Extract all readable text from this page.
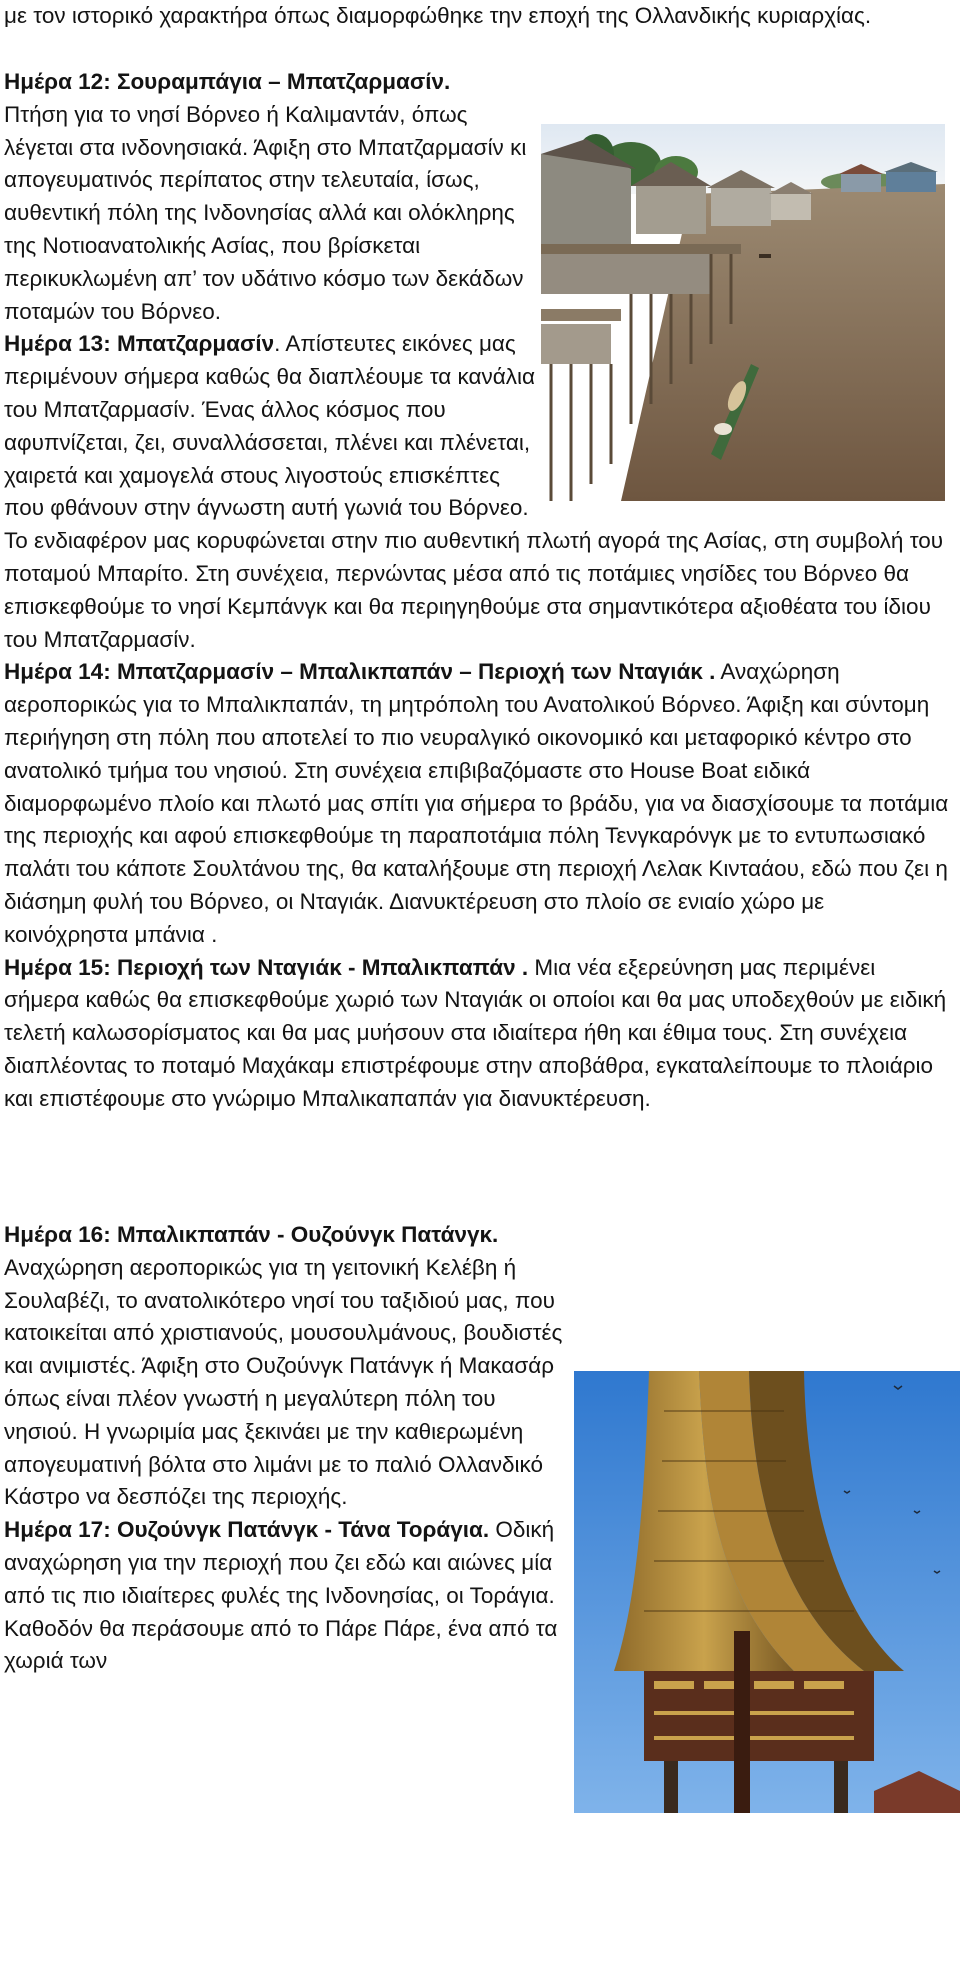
με τον ιστορικό χαρακτήρα όπως διαμορφώθηκε την εποχή της Ολλανδικής κυριαρχίας.

Ημέρα 12: Σουραμπάγια – Μπατζαρμασίν.
Πτήση για το νησί Βόρνεο ή Καλιμαντάν, όπως λέγεται στα ινδονησιακά. Άφιξη στο Μπατζαρμασίν κι απογευματινός περίπατος στην τελευταία, ίσως, αυθεντική πόλη της Ινδονησίας αλλά και ολόκληρης της Νοτιοανατολικής Ασίας, που βρίσκεται περικυκλωμένη απ’ τον υδάτινο κόσμο των δεκάδων ποταμών του Βόρνεο.

Ημέρα 13: Μπατζαρμασίν. Απίστευτες εικόνες μας περιμένουν σήμερα καθώς θα διαπλέουμε τα κανάλια του Μπατζαρμασίν. Ένας άλλος κόσμος που αφυπνίζεται, ζει, συναλλάσσεται, πλένει και πλένεται, χαιρετά και χαμογελά στους λιγοστούς επισκέπτες που φθάνουν στην άγνωστη αυτή γωνιά του Βόρνεο. Το ενδιαφέρον μας κορυφώνεται στην πιο αυθεντική πλωτή αγορά της Ασίας, στη συμβολή του ποταμού Μπαρίτο. Στη συνέχεια, περνώντας μέσα από τις ποτάμιες νησίδες του Βόρνεο θα επισκεφθούμε το νησί Κεμπάνγκ και θα περιηγηθούμε στα σημαντικότερα αξιοθέατα του ίδιου του Μπατζαρμασίν.

Ημέρα 14: Μπατζαρμασίν – Μπαλικπαπάν – Περιοχή των Νταγιάκ . Αναχώρηση αεροπορικώς για το Μπαλικπαπάν, τη μητρόπολη του Ανατολικού Βόρνεο. Άφιξη και σύντομη περιήγηση στη πόλη που αποτελεί το πιο νευραλγικό οικονομικό και μεταφορικό κέντρο στο ανατολικό τμήμα του νησιού. Στη συνέχεια επιβιβαζόμαστε στο House Boat ειδικά διαμορφωμένο πλοίο και πλωτό μας σπίτι για σήμερα το βράδυ, για να διασχίσουμε τα ποτάμια της περιοχής και αφού επισκεφθούμε τη παραποτάμια πόλη Τενγκαρόνγκ με το εντυπωσιακό παλάτι του κάποτε Σουλτάνου της, θα καταλήξουμε στη περιοχή Λελακ Κινταάου, εδώ που ζει η διάσημη φυλή του Βόρνεο, οι Νταγιάκ. Διανυκτέρευση στο πλοίο σε ενιαίο χώρο με κοινόχρηστα μπάνια .

Ημέρα 15: Περιοχή των Νταγιάκ - Μπαλικπαπάν . Μια νέα εξερεύνηση μας περιμένει σήμερα καθώς θα επισκεφθούμε χωριό των Νταγιάκ οι οποίοι και θα μας υποδεχθούν με ειδική τελετή καλωσορίσματος και θα μας μυήσουν στα ιδιαίτερα ήθη και έθιμα τους. Στη συνέχεια διαπλέοντας το ποταμό Μαχάκαμ επιστρέφουμε στην αποβάθρα, εγκαταλείπουμε το πλοιάριο και επιστέφουμε στο γνώριμο Μπαλικαπαπάν για διανυκτέρευση.

Ημέρα 16: Μπαλικπαπάν - Ουζούνγκ Πατάνγκ. Αναχώρηση αεροπορικώς για τη γειτονική Κελέβη ή Σουλαβέζι, το ανατολικότερο νησί του ταξιδιού μας, που κατοικείται από χριστιανούς, μουσουλμάνους, βουδιστές και ανιμιστές. Άφιξη στο Ουζούνγκ Πατάνγκ ή Μακασάρ όπως είναι πλέον γνωστή η μεγαλύτερη πόλη του νησιού. Η γνωριμία μας ξεκινάει με την καθιερωμένη απογευματινή βόλτα στο λιμάνι με το παλιό Ολλανδικό Κάστρο να δεσπόζει της περιοχής.

Ημέρα 17: Ουζούνγκ Πατάνγκ - Τάνα Τοράγια. Οδική αναχώρηση για την περιοχή που ζει εδώ και αιώνες μία από τις πιο ιδιαίτερες φυλές της Ινδονησίας, οι Τοράγια. Καθοδόν θα περάσουμε από το Πάρε Πάρε, ένα από τα χωριά των
